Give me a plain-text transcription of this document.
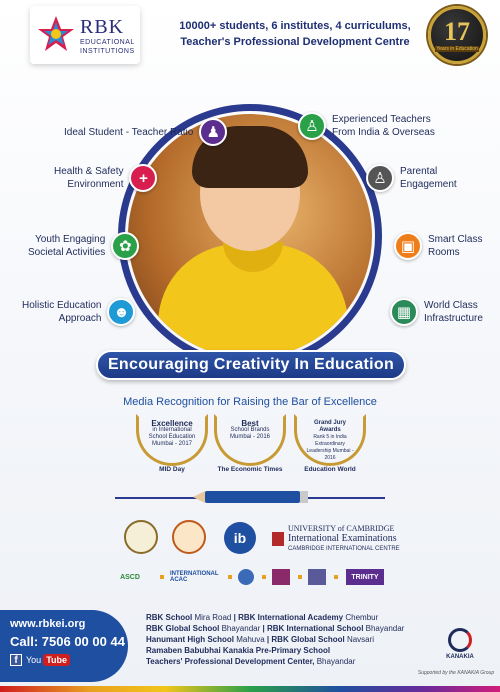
RBK
EDUCATIONAL
INSTITUTIONS
10000+ students, 6 institutes, 4 curriculums,
Teacher's Professional Development Centre	17
Years in Education
Ideal Student - Teacher Ratio ♟
Health & Safety
Environment	+
Youth Engaging
Societal Activities ✿
Holistic Education
Approach ☻
♙	Experienced Teachers
From India & Overseas
♙	Parental
Engagement
▣	Smart Class
Rooms
▦	World Class
Infrastructure
Encouraging Creativity In Education
Media Recognition for Raising the Bar of Excellence
Excellence
in International School Education Mumbai - 2017
MID Day
Best
School Brands Mumbai - 2016
The Economic Times
Grand Jury Awards
Rank 5 in India Extraordinary Leadership Mumbai - 2016
Education World
ib
UNIVERSITY of CAMBRIDGE
International Examinations
CAMBRIDGE INTERNATIONAL CENTRE
ASCD	INTERNATIONAL ACAC	TRINITY
www.rbkei.org
Call: 7506 00 00 44
f You Tube
RBK School Mira Road | RBK International Academy Chembur
RBK Global School Bhayandar | RBK International School Bhayandar
Hanumant High School Mahuva | RBK Global School Navsari
Ramaben Babubhai Kanakia Pre-Primary School
Teachers' Professional Development Center, Bhayandar	KANAKIA
Supported by the KANAKIA Group
